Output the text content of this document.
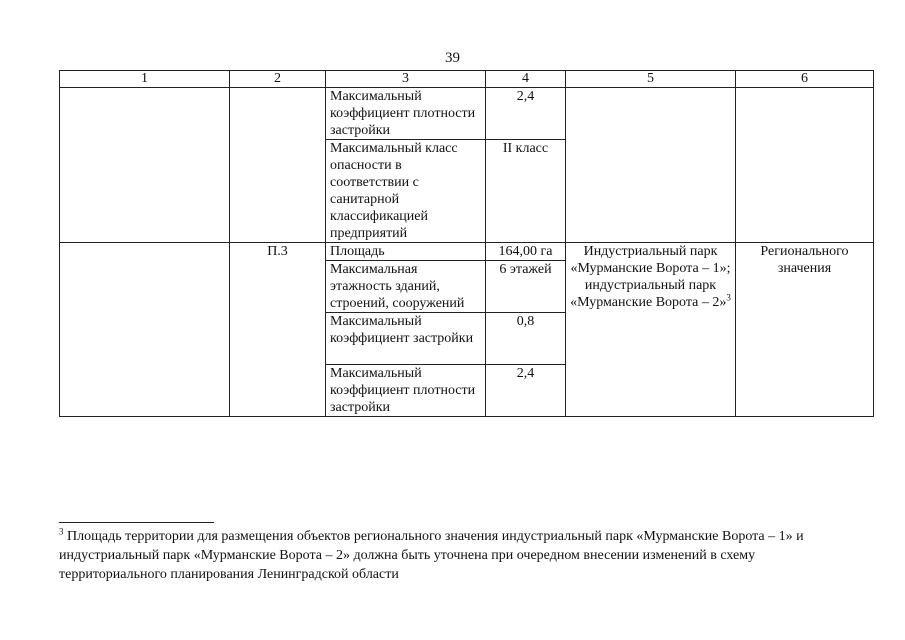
39
1	2	3	4	5	6
		Максимальный коэффициент плотности застройки	2,4		
		Максимальный класс опасности в соответствии с санитарной классификацией предприятий	II класс		
	П.3	Площадь	164,00 га	Индустриальный парк «Мурманские Ворота – 1»; индустриальный парк «Мурманские Ворота – 2»$^3$	Регионального значения
		Максимальная этажность зданий, строений, сооружений	6 этажей		
		Максимальный коэффициент застройки	0,8		
		Максимальный коэффициент плотности застройки	2,4		
$^3$ Площадь территории для размещения объектов регионального значения индустриальный парк «Мурманские Ворота – 1» и индустриальный парк «Мурманские Ворота – 2» должна быть уточнена при очередном внесении изменений в схему территориального планирования Ленинградской области
